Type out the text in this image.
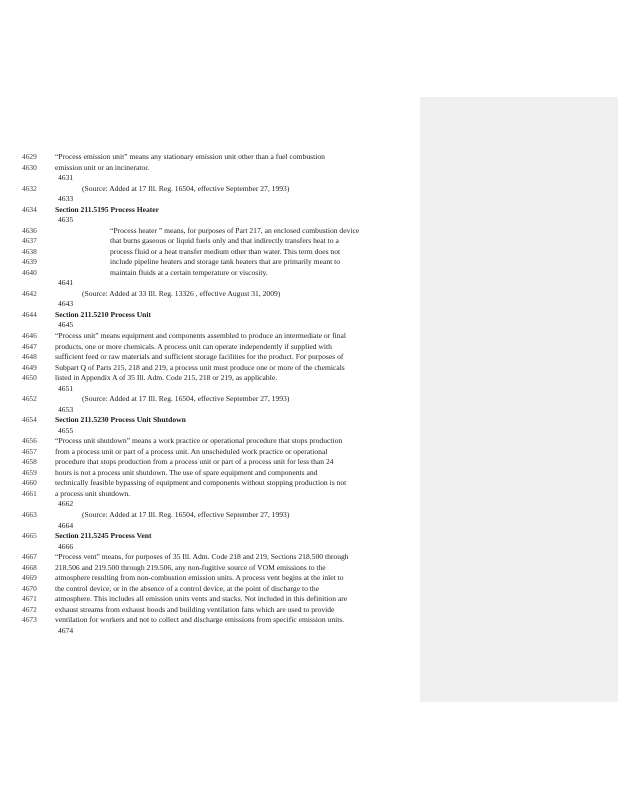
4629 “Process emission unit” means any stationary emission unit other than a fuel combustion
4630 emission unit or an incinerator.
4631
4632	(Source: Added at 17 Ill. Reg. 16504, effective September 27, 1993)
4633
4634 Section 211.5195 Process Heater
4635
4636	“Process heater ” means, for purposes of Part 217, an enclosed combustion device
4637	that burns gaseous or liquid fuels only and that indirectly transfers heat to a
4638	process fluid or a heat transfer medium other than water. This term does not
4639	include pipeline heaters and storage tank heaters that are primarily meant to
4640	maintain fluids at a certain temperature or viscosity.
4641
4642	(Source: Added at 33 Ill. Reg. 13326 , effective August 31, 2009)
4643
4644 Section 211.5210 Process Unit
4645
4646 “Process unit” means equipment and components assembled to produce an intermediate or final
4647 products, one or more chemicals. A process unit can operate independently if supplied with
4648 sufficient feed or raw materials and sufficient storage facilities for the product. For purposes of
4649 Subpart Q of Parts 215, 218 and 219, a process unit must produce one or more of the chemicals
4650 listed in Appendix A of 35 Ill. Adm. Code 215, 218 or 219, as applicable.
4651
4652	(Source: Added at 17 Ill. Reg. 16504, effective September 27, 1993)
4653
4654 Section 211.5230 Process Unit Shutdown
4655
4656 “Process unit shutdown” means a work practice or operational procedure that stops production
4657 from a process unit or part of a process unit. An unscheduled work practice or operational
4658 procedure that stops production from a process unit or part of a process unit for less than 24
4659 hours is not a process unit shutdown. The use of spare equipment and components and
4660 technically feasible bypassing of equipment and components without stopping production is not
4661 a process unit shutdown.
4662
4663	(Source: Added at 17 Ill. Reg. 16504, effective September 27, 1993)
4664
4665 Section 211.5245 Process Vent
4666
4667 “Process vent” means, for purposes of 35 Ill. Adm. Code 218 and 219, Sections 218.500 through
4668 218.506 and 219.500 through 219.506, any non-fugitive source of VOM emissions to the
4669 atmosphere resulting from non-combustion emission units. A process vent begins at the inlet to
4670 the control device, or in the absence of a control device, at the point of discharge to the
4671 atmosphere. This includes all emission units vents and stacks. Not included in this definition are
4672 exhaust streams from exhaust hoods and building ventilation fans which are used to provide
4673 ventilation for workers and not to collect and discharge emissions from specific emission units.
4674
